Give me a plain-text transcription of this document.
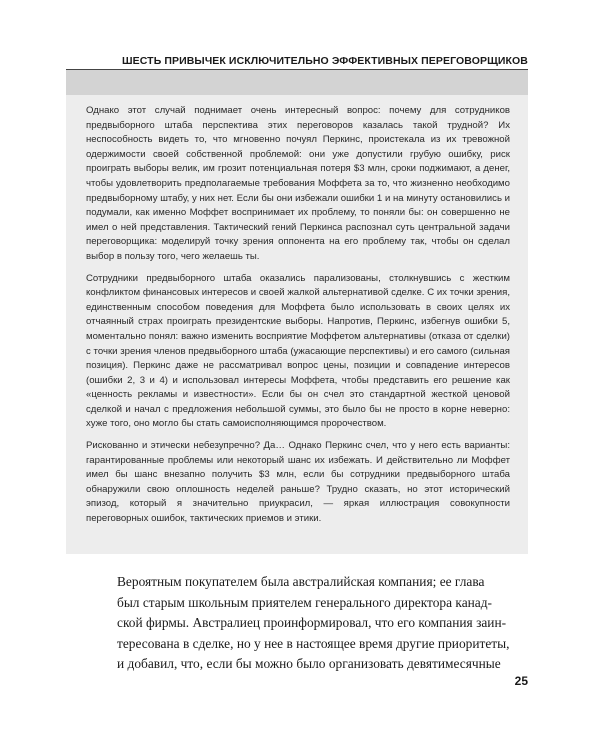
ШЕСТЬ ПРИВЫЧЕК ИСКЛЮЧИТЕЛЬНО ЭФФЕКТИВНЫХ ПЕРЕГОВОРЩИКОВ

Однако этот случай поднимает очень интересный вопрос: почему для сотрудников предвыборного штаба перспектива этих переговоров казалась такой трудной? Их неспособность видеть то, что мгновенно почуял Перкинс, проистекала из их тревожной одержимости своей собственной проблемой: они уже допустили грубую ошибку, риск проиграть выборы велик, им грозит потенциальная потеря $3 млн, сроки поджимают, а денег, чтобы удовлетворить предполагаемые требования Моффета за то, что жизненно необходимо предвыборному штабу, у них нет. Если бы они избежали ошибки 1 и на минуту остановились и подумали, как именно Моффет воспринимает их проблему, то поняли бы: он совершенно не имел о ней представления. Тактический гений Перкинса распознал суть центральной задачи переговорщика: моделируй точку зрения оппонента на его проблему так, чтобы он сделал выбор в пользу того, чего желаешь ты.

Сотрудники предвыборного штаба оказались парализованы, столкнувшись с жестким конфликтом финансовых интересов и своей жалкой альтернативой сделке. С их точки зрения, единственным способом поведения для Моффета было использовать в своих целях их отчаянный страх проиграть президентские выборы. Напротив, Перкинс, избегнув ошибки 5, моментально понял: важно изменить восприятие Моффетом альтернативы (отказа от сделки) с точки зрения членов предвыборного штаба (ужасающие перспективы) и его самого (сильная позиция). Перкинс даже не рассматривал вопрос цены, позиции и совпадение интересов (ошибки 2, 3 и 4) и использовал интересы Моффета, чтобы представить его решение как «ценность рекламы и известности». Если бы он счел это стандартной жесткой ценовой сделкой и начал с предложения небольшой суммы, это было бы не просто в корне неверно: хуже того, оно могло бы стать самоисполняющимся пророчеством.

Рискованно и этически небезупречно? Да… Однако Перкинс счел, что у него есть варианты: гарантированные проблемы или некоторый шанс их избежать. И действительно ли Моффет имел бы шанс внезапно получить $3 млн, если бы сотрудники предвыборного штаба обнаружили свою оплошность неделей раньше? Трудно сказать, но этот исторический эпизод, который я значительно приукрасил, — яркая иллюстрация совокупности переговорных ошибок, тактических приемов и этики.

Вероятным покупателем была австралийская компания; ее глава
был старым школьным приятелем генерального директора канад-
ской фирмы. Австралиец проинформировал, что его компания заин-
тересована в сделке, но у нее в настоящее время другие приоритеты,
и добавил, что, если бы можно было организовать девятимесячные
25
